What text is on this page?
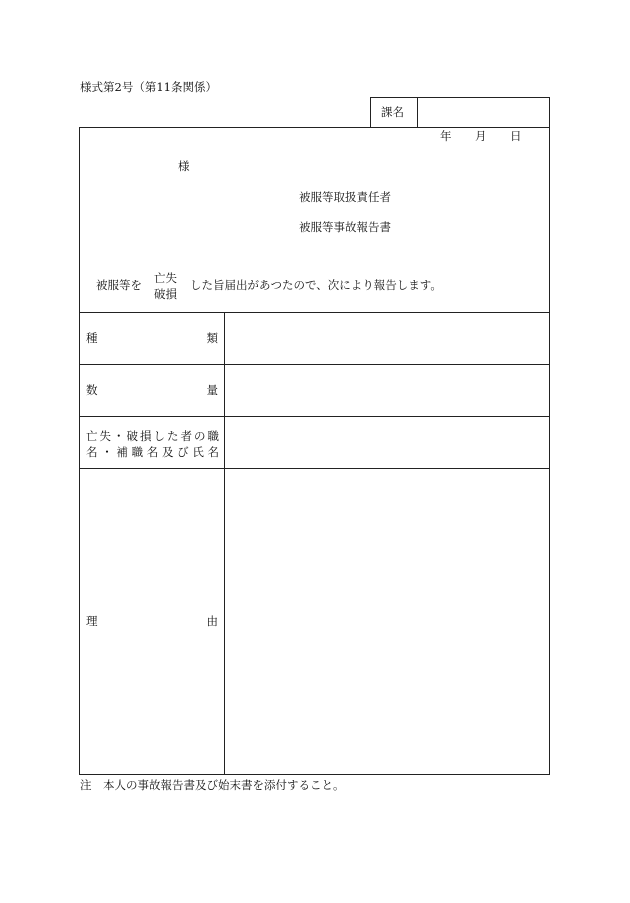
様式第2号（第11条関係）
課名
年 月 日
様
被服等取扱責任者
被服等事故報告書
被服等を 亡失
破損
した旨届出があつたので、次により報告します。
種	類
数	量
亡 失 ・ 破 損 し た 者 の 職
名 ・ 補 職 名 及 び 氏 名
理	由
注　本人の事故報告書及び始末書を添付すること。
